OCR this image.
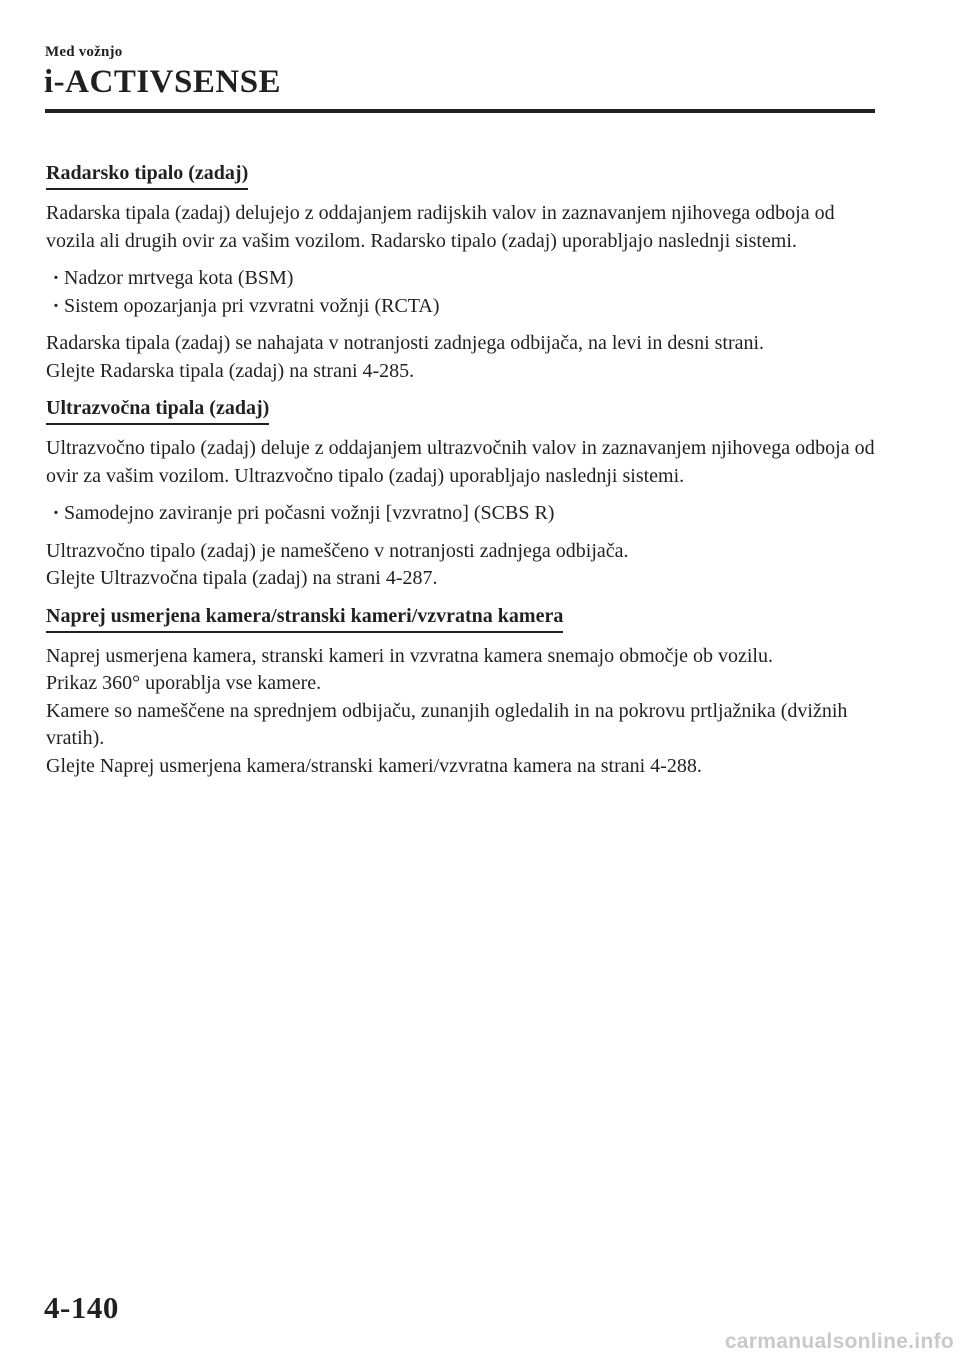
Med vožnjo
i-ACTIVSENSE
Radarsko tipalo (zadaj)

Radarska tipala (zadaj) delujejo z oddajanjem radijskih valov in zaznavanjem njihovega odboja od vozila ali drugih ovir za vašim vozilom. Radarsko tipalo (zadaj) uporabljajo naslednji sistemi.

· Nadzor mrtvega kota (BSM)
· Sistem opozarjanja pri vzvratni vožnji (RCTA)

Radarska tipala (zadaj) se nahajata v notranjosti zadnjega odbijača, na levi in desni strani.
Glejte Radarska tipala (zadaj) na strani 4-285.

Ultrazvočna tipala (zadaj)

Ultrazvočno tipalo (zadaj) deluje z oddajanjem ultrazvočnih valov in zaznavanjem njihovega odboja od ovir za vašim vozilom. Ultrazvočno tipalo (zadaj) uporabljajo naslednji sistemi.

· Samodejno zaviranje pri počasni vožnji [vzvratno] (SCBS R)

Ultrazvočno tipalo (zadaj) je nameščeno v notranjosti zadnjega odbijača.
Glejte Ultrazvočna tipala (zadaj) na strani 4-287.

Naprej usmerjena kamera/stranski kameri/vzvratna kamera

Naprej usmerjena kamera, stranski kameri in vzvratna kamera snemajo območje ob vozilu.
Prikaz 360° uporablja vse kamere.
Kamere so nameščene na sprednjem odbijaču, zunanjih ogledalih in na pokrovu prtljažnika (dvižnih vratih).
Glejte Naprej usmerjena kamera/stranski kameri/vzvratna kamera na strani 4-288.

4-140
carmanualsonline.info
